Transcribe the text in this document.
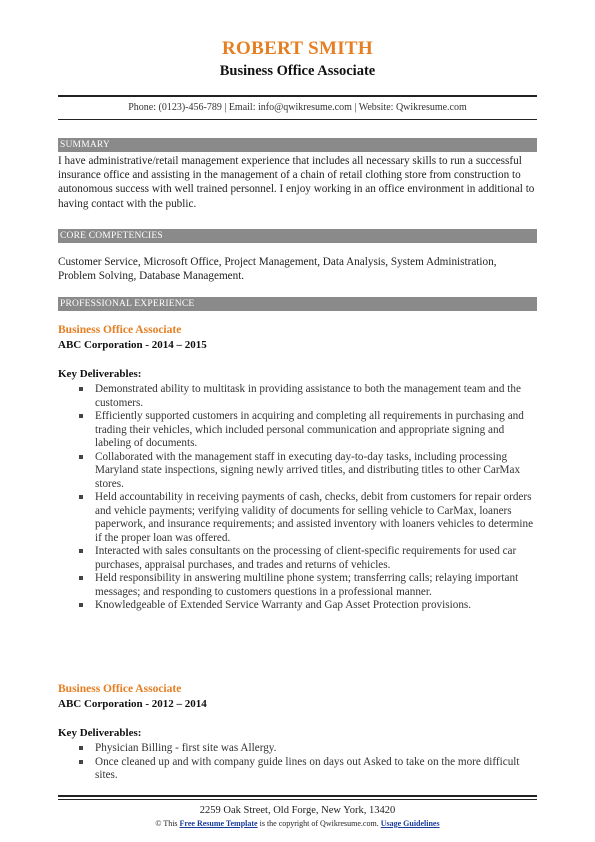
ROBERT SMITH
Business Office Associate
Phone: (0123)-456-789 | Email: info@qwikresume.com | Website: Qwikresume.com
SUMMARY
I have administrative/retail management experience that includes all necessary skills to run a successful insurance office and assisting in the management of a chain of retail clothing store from construction to autonomous success with well trained personnel. I enjoy working in an office environment in additional to having contact with the public.
CORE COMPETENCIES
Customer Service, Microsoft Office, Project Management, Data Analysis, System Administration, Problem Solving, Database Management.
PROFESSIONAL EXPERIENCE
Business Office Associate
ABC Corporation - 2014 – 2015
Key Deliverables:
Demonstrated ability to multitask in providing assistance to both the management team and the customers.
Efficiently supported customers in acquiring and completing all requirements in purchasing and trading their vehicles, which included personal communication and appropriate signing and labeling of documents.
Collaborated with the management staff in executing day-to-day tasks, including processing Maryland state inspections, signing newly arrived titles, and distributing titles to other CarMax stores.
Held accountability in receiving payments of cash, checks, debit from customers for repair orders and vehicle payments; verifying validity of documents for selling vehicle to CarMax, loaners paperwork, and insurance requirements; and assisted inventory with loaners vehicles to determine if the proper loan was offered.
Interacted with sales consultants on the processing of client-specific requirements for used car purchases, appraisal purchases, and trades and returns of vehicles.
Held responsibility in answering multiline phone system; transferring calls; relaying important messages; and responding to customers questions in a professional manner.
Knowledgeable of Extended Service Warranty and Gap Asset Protection provisions.
Business Office Associate
ABC Corporation - 2012 – 2014
Key Deliverables:
Physician Billing - first site was Allergy.
Once cleaned up and with company guide lines on days out Asked to take on the more difficult sites.
2259 Oak Street, Old Forge, New York, 13420
© This Free Resume Template is the copyright of Qwikresume.com. Usage Guidelines
